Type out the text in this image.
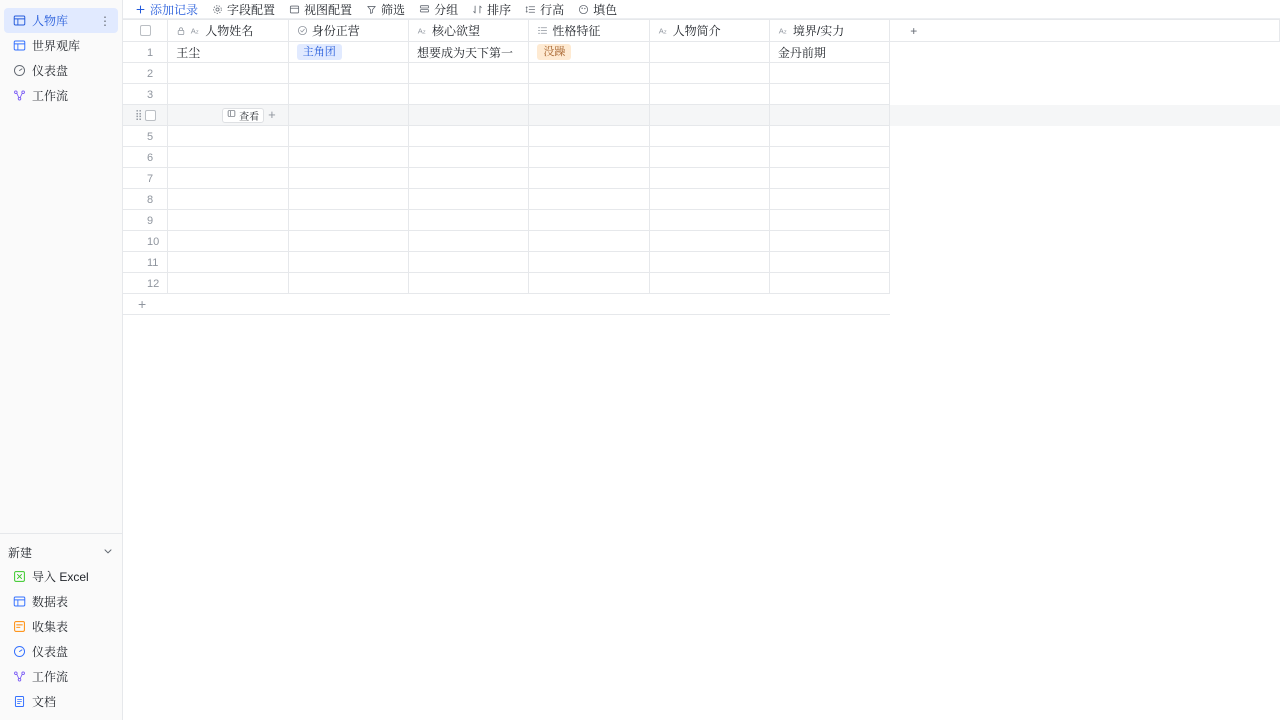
人物库	⋮
世界观库
仪表盘
工作流
新建
导入 Excel
数据表
收集表
仪表盘
工作流
文档
添加记录 字段配置 视图配置 筛选 分组 排序 行高 填色

A z 人物姓名	身份正营	A z 核心欲望	性格特征	A z 人物简介	A z 境界/实力	+
1	王尘	主角团	想要成为天下第一	没躁		金丹前期	
2							
3							

⣿	查看 +						

5							
6							
7							
8							
9							
10							
11							
12							
+							
